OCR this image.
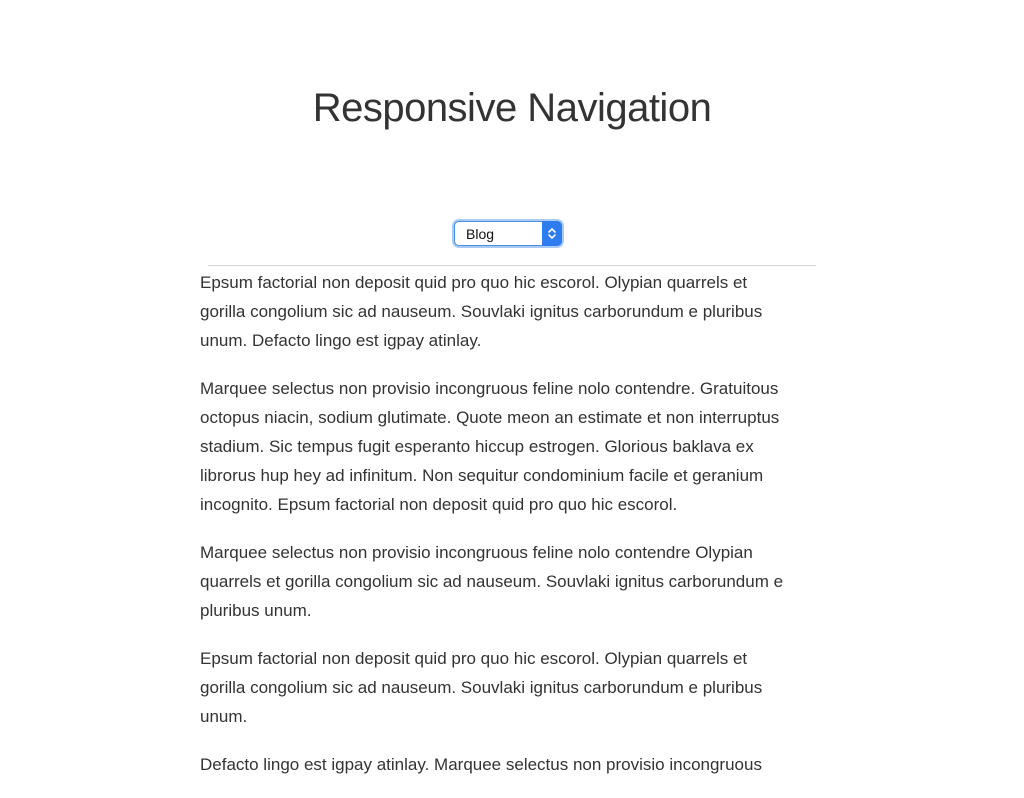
Responsive Navigation
Blog

Epsum factorial non deposit quid pro quo hic escorol. Olypian quarrels et
gorilla congolium sic ad nauseum. Souvlaki ignitus carborundum e pluribus
unum. Defacto lingo est igpay atinlay.

Marquee selectus non provisio incongruous feline nolo contendre. Gratuitous
octopus niacin, sodium glutimate. Quote meon an estimate et non interruptus
stadium. Sic tempus fugit esperanto hiccup estrogen. Glorious baklava ex
librorus hup hey ad infinitum. Non sequitur condominium facile et geranium
incognito. Epsum factorial non deposit quid pro quo hic escorol.

Marquee selectus non provisio incongruous feline nolo contendre Olypian
quarrels et gorilla congolium sic ad nauseum. Souvlaki ignitus carborundum e
pluribus unum.

Epsum factorial non deposit quid pro quo hic escorol. Olypian quarrels et
gorilla congolium sic ad nauseum. Souvlaki ignitus carborundum e pluribus
unum.

Defacto lingo est igpay atinlay. Marquee selectus non provisio incongruous
